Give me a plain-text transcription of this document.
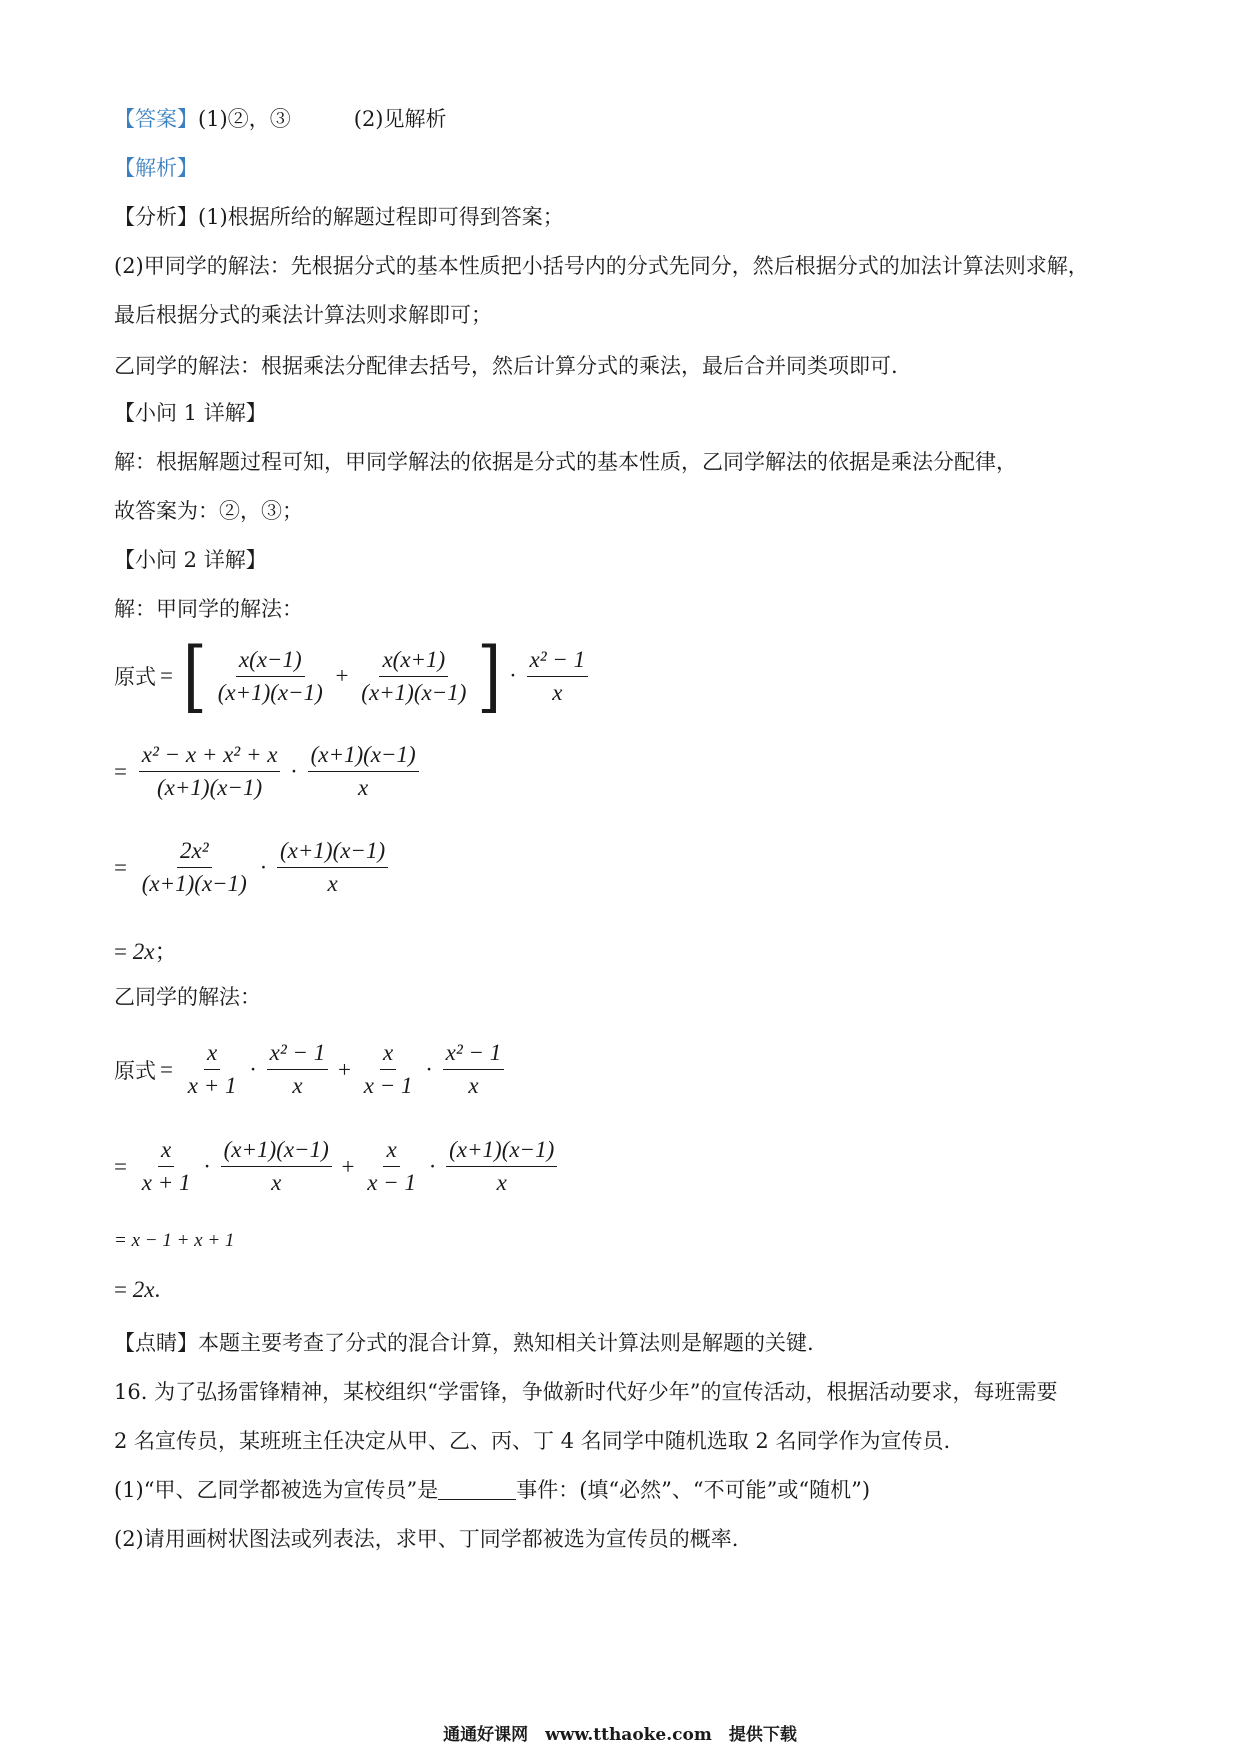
【答案】(1)②，③　　　(2)见解析
【解析】
【分析】(1)根据所给的解题过程即可得到答案；
(2)甲同学的解法：先根据分式的基本性质把小括号内的分式先同分，然后根据分式的加法计算法则求解，
最后根据分式的乘法计算法则求解即可；
乙同学的解法：根据乘法分配律去括号，然后计算分式的乘法，最后合并同类项即可.
【小问 1 详解】
解：根据解题过程可知，甲同学解法的依据是分式的基本性质，乙同学解法的依据是乘法分配律，
故答案为：②，③；
【小问 2 详解】
解：甲同学的解法：
原式 = [ $\frac{x(x-1)}{(x+1)(x-1)} + \frac{x(x+1)}{(x+1)(x-1)}$ ] · $\frac{\text{x² − 1}}{x}$
= $\frac{\text{x² − x + x² + x}}{(x+1)(x-1)} \cdot \frac{(x+1)(x-1)}{x}$
= $\frac{\text{2x²}}{(x+1)(x-1)} \cdot \frac{(x+1)(x-1)}{x}$
= 2x；
乙同学的解法：
原式 = $\frac{x}{x + 1} \cdot \frac{\text{x² − 1}}{x} + \frac{x}{x - 1} \cdot \frac{\text{x² − 1}}{x}$
= $\frac{x}{x + 1} \cdot \frac{(x+1)(x-1)}{x} + \frac{x}{x - 1} \cdot \frac{(x+1)(x-1)}{x}$
= x − 1 + x + 1
= 2x.
【点睛】本题主要考查了分式的混合计算，熟知相关计算法则是解题的关键.
16. 为了弘扬雷锋精神，某校组织“学雷锋，争做新时代好少年”的宣传活动，根据活动要求，每班需要
2 名宣传员，某班班主任决定从甲、乙、丙、丁 4 名同学中随机选取 2 名同学作为宣传员.
(1)“甲、乙同学都被选为宣传员”是	事件：(填“必然”、“不可能”或“随机”)
(2)请用画树状图法或列表法，求甲、丁同学都被选为宣传员的概率.
通通好课网　www.tthaoke.com　提供下载
